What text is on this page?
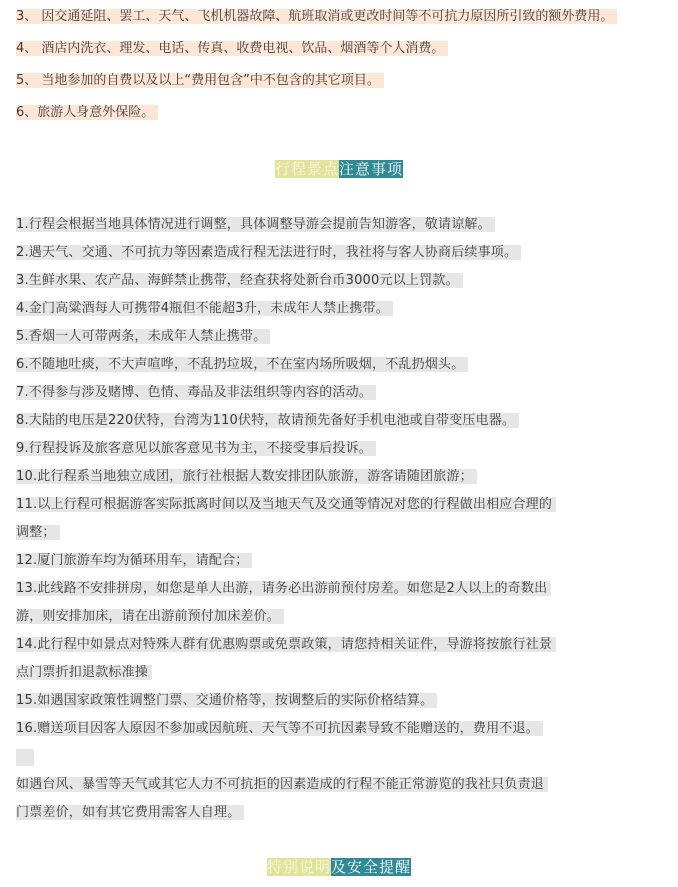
3、 因交通延阻、罢工、天气、飞机机器故障、航班取消或更改时间等不可抗力原因所引致的额外费用。
4、 酒店内洗衣、理发、电话、传真、收费电视、饮品、烟酒等个人消费。
5、 当地参加的自费以及以上“费用包含”中不包含的其它项目。
6、旅游人身意外保险。
行程景点注意事项
1.行程会根据当地具体情况进行调整，具体调整导游会提前告知游客，敬请谅解。
2.遇天气、交通、不可抗力等因素造成行程无法进行时，我社将与客人协商后续事项。
3.生鲜水果、农产品、海鲜禁止携带，经查获将处新台币3000元以上罚款。
4.金门高粱酒每人可携带4瓶但不能超3升，未成年人禁止携带。
5.香烟一人可带两条，未成年人禁止携带。
6.不随地吐痰，不大声喧哗，不乱扔垃圾，不在室内场所吸烟，不乱扔烟头。
7.不得参与涉及赌博、色情、毒品及非法组织等内容的活动。
8.大陆的电压是220伏特，台湾为110伏特，故请预先备好手机电池或自带变压电器。
9.行程投诉及旅客意见以旅客意见书为主，不接受事后投诉。
10.此行程系当地独立成团，旅行社根据人数安排团队旅游，游客请随团旅游；
11.以上行程可根据游客实际抵离时间以及当地天气及交通等情况对您的行程做出相应合理的
调整；
12.厦门旅游车均为循环用车，请配合；
13.此线路不安排拼房，如您是单人出游，请务必出游前预付房差。如您是2人以上的奇数出
游，则安排加床，请在出游前预付加床差价。
14.此行程中如景点对特殊人群有优惠购票或免票政策，请您持相关证件，导游将按旅行社景
点门票折扣退款标准操
15.如遇国家政策性调整门票、交通价格等，按调整后的实际价格结算。
16.赠送项目因客人原因不参加或因航班、天气等不可抗因素导致不能赠送的，费用不退。
如遇台风、暴雪等天气或其它人力不可抗拒的因素造成的行程不能正常游览的我社只负责退
门票差价，如有其它费用需客人自理。
特别说明及安全提醒
